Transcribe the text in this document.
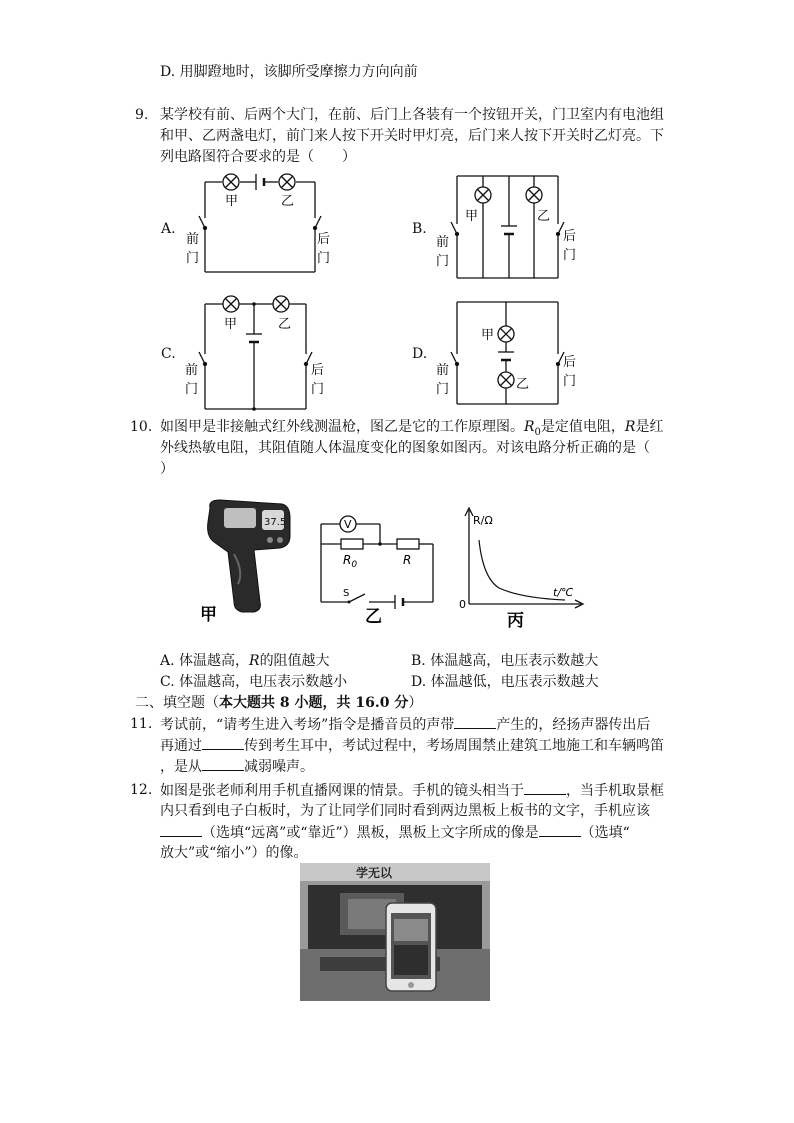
D. 用脚蹬地时，该脚所受摩擦力方向向前
9. 某学校有前、后两个大门，在前、后门上各装有一个按钮开关，门卫室内有电池组
和甲、乙两盏电灯，前门来人按下开关时甲灯亮，后门来人按下开关时乙灯亮。下
列电路图符合要求的是（　　）
A.	B.
C.	D.
甲	乙
前
门
后
门
甲	乙
前
门
后
门
甲	乙
前
门
后
门
甲
乙
前
门
后
门
10. 如图甲是非接触式红外线测温枪，图乙是它的工作原理图。$R_0$是定值电阻，R是红
外线热敏电阻，其阻值随人体温度变化的图象如图丙。对该电路分析正确的是（
）
37.5
甲
V
$R_0$	R
S
乙
R/Ω
t/℃
0
丙
A. 体温越高，R的阻值越大	B. 体温越高，电压表示数越大
C. 体温越高，电压表示数越小	D. 体温越低，电压表示数越大
二、填空题（本大题共 8 小题，共 16.0 分）
11. 考试前，“请考生进入考场”指令是播音员的声带	产生的，经扬声器传出后
再通过	传到考生耳中，考试过程中，考场周围禁止建筑工地施工和车辆鸣笛
，是从	减弱噪声。
12. 如图是张老师利用手机直播网课的情景。手机的镜头相当于	，当手机取景框
内只看到电子白板时，为了让同学们同时看到两边黑板上板书的文字，手机应该
（选填“远离”或“靠近”）黑板，黑板上文字所成的像是	（选填“
放大”或“缩小”）的像。
学无以
